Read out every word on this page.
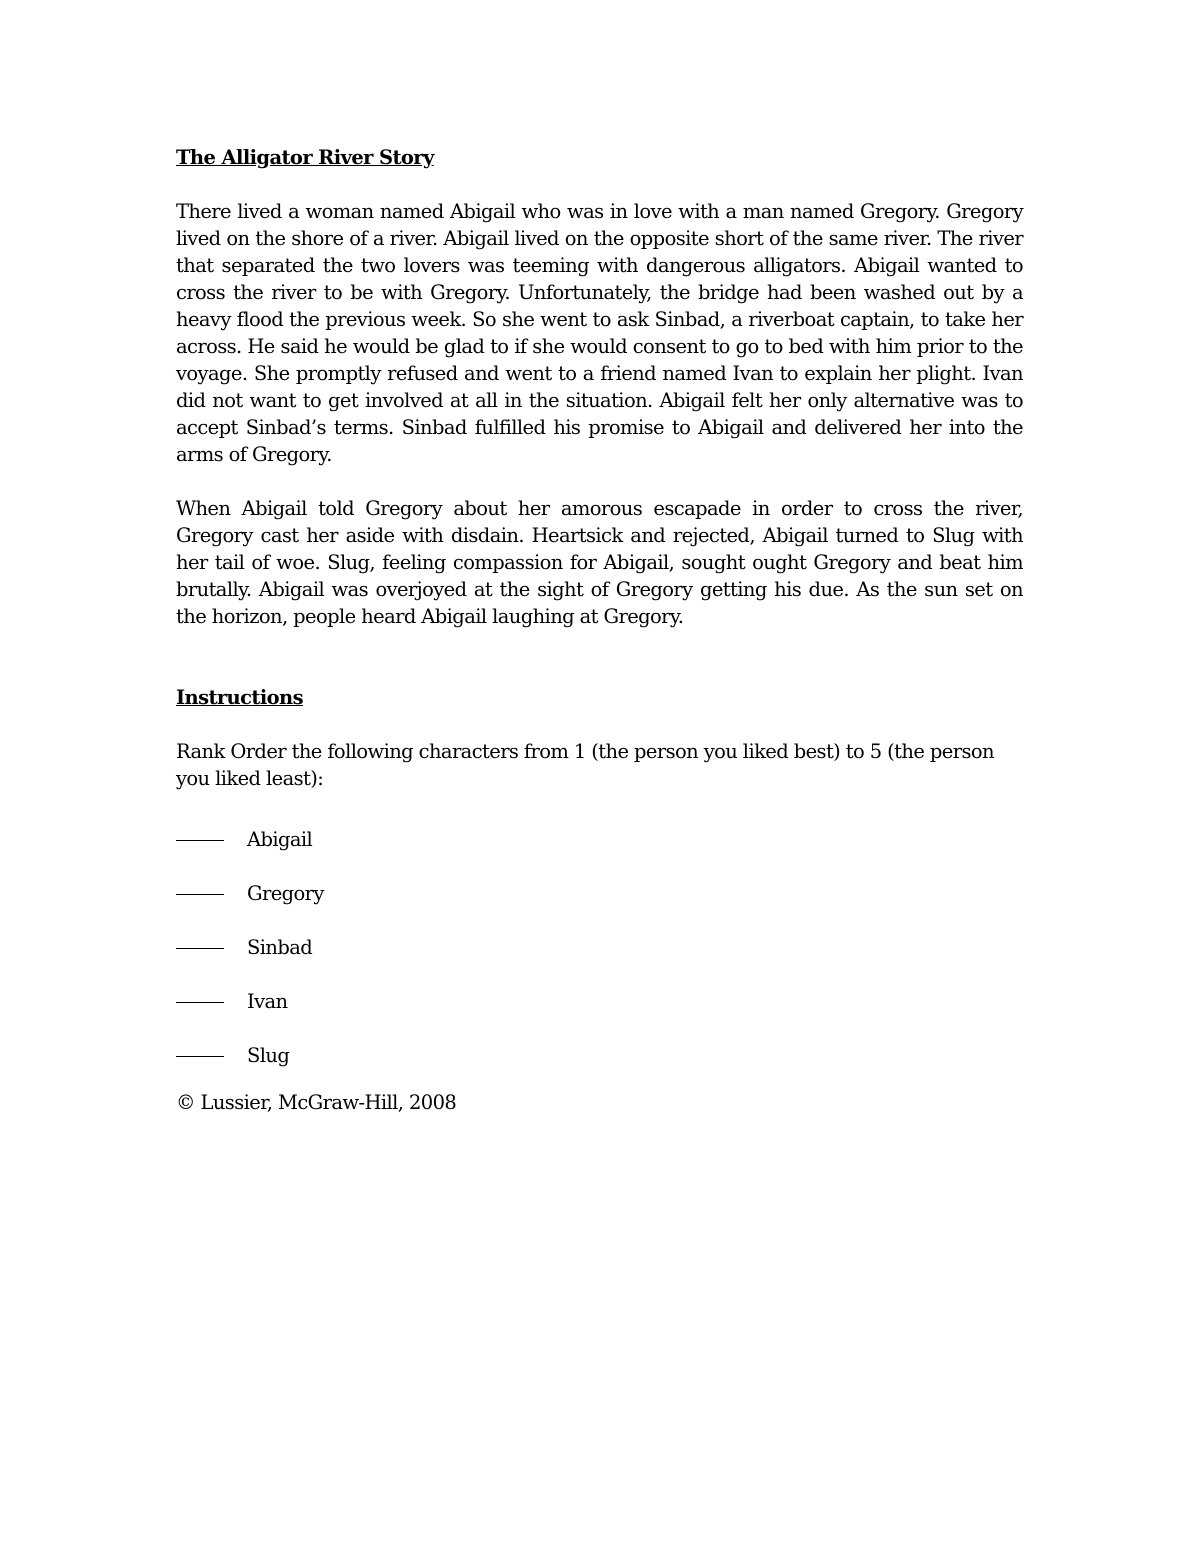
The Alligator River Story

There lived a woman named Abigail who was in love with a man named Gregory. Gregory lived on the shore of a river. Abigail lived on the opposite short of the same river. The river that separated the two lovers was teeming with dangerous alligators. Abigail wanted to cross the river to be with Gregory. Unfortunately, the bridge had been washed out by a heavy flood the previous week. So she went to ask Sinbad, a riverboat captain, to take her across. He said he would be glad to if she would consent to go to bed with him prior to the voyage. She promptly refused and went to a friend named Ivan to explain her plight. Ivan did not want to get involved at all in the situation. Abigail felt her only alternative was to accept Sinbad’s terms. Sinbad fulfilled his promise to Abigail and delivered her into the arms of Gregory.

When Abigail told Gregory about her amorous escapade in order to cross the river, Gregory cast her aside with disdain. Heartsick and rejected, Abigail turned to Slug with her tail of woe. Slug, feeling compassion for Abigail, sought ought Gregory and beat him brutally. Abigail was overjoyed at the sight of Gregory getting his due. As the sun set on the horizon, people heard Abigail laughing at Gregory.

Instructions

Rank Order the following characters from 1 (the person you liked best) to 5 (the person you liked least):

Abigail
Gregory
Sinbad
Ivan
Slug

© Lussier, McGraw-Hill, 2008
